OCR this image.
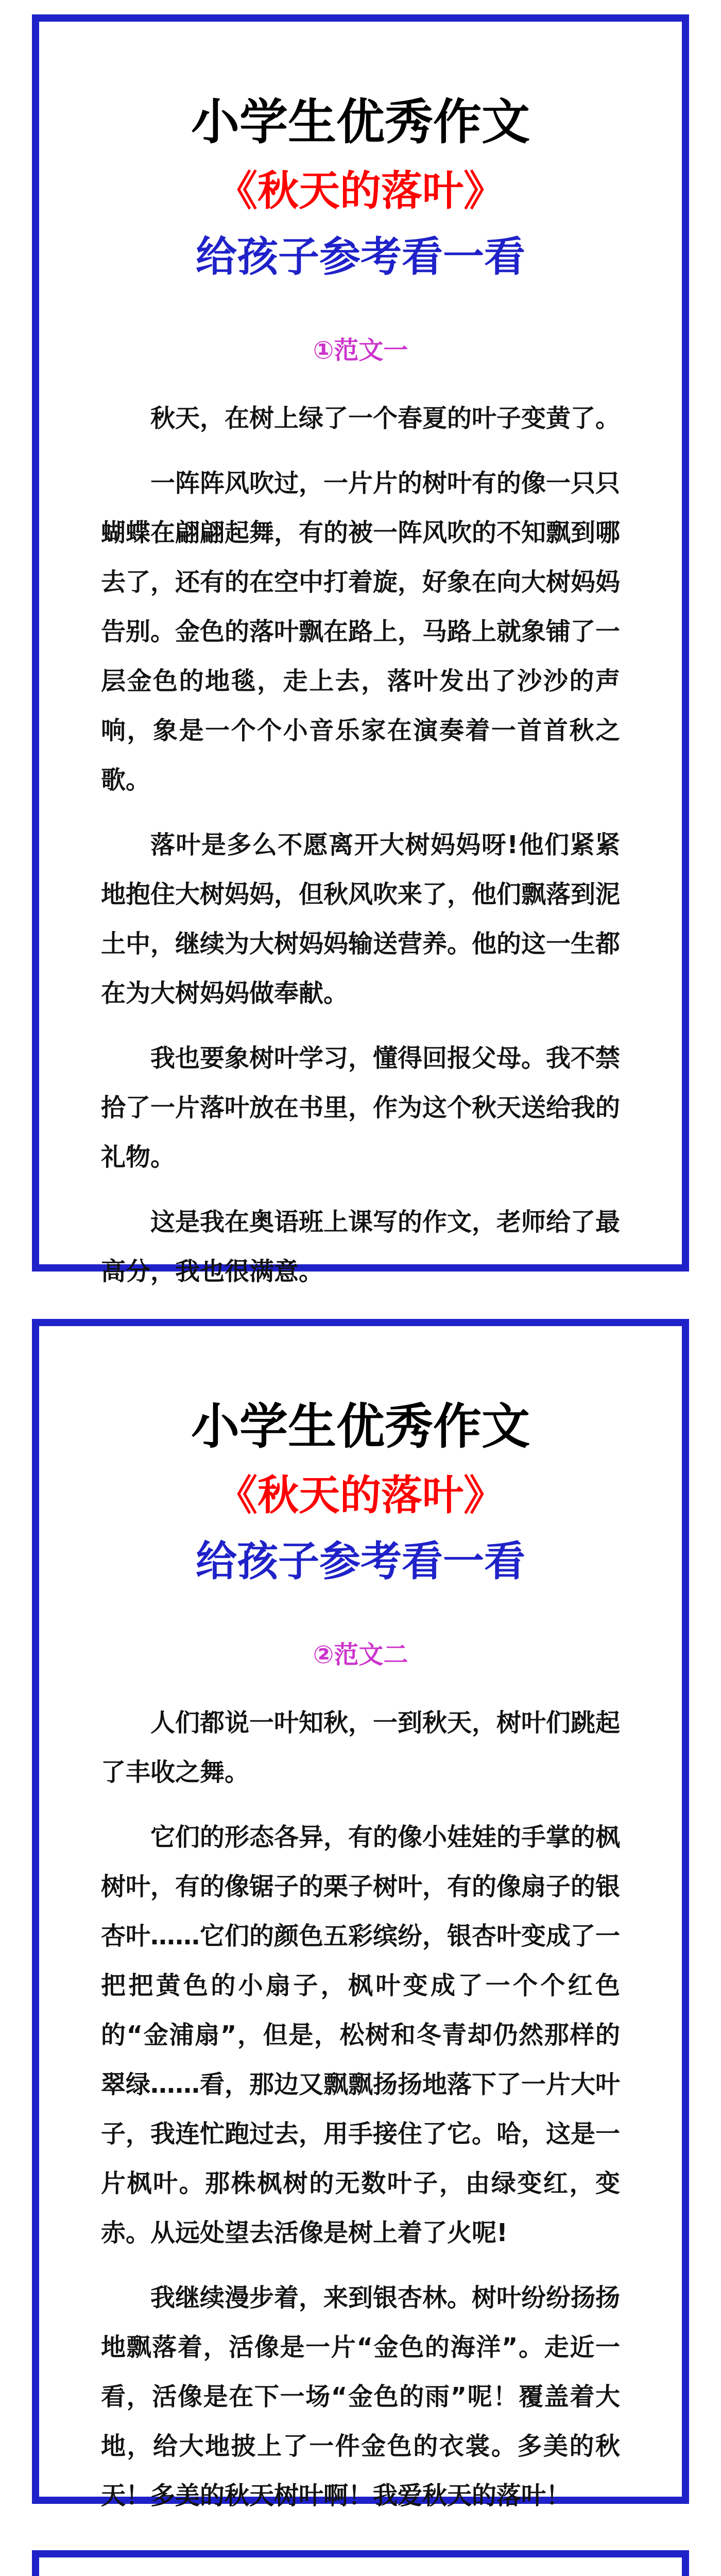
小学生优秀作文
《秋天的落叶》
给孩子参考看一看
①范文一

秋天，在树上绿了一个春夏的叶子变黄了。

一阵阵风吹过，一片片的树叶有的像一只只蝴蝶在翩翩起舞，有的被一阵风吹的不知飘到哪去了，还有的在空中打着旋，好象在向大树妈妈告别。金色的落叶飘在路上，马路上就象铺了一层金色的地毯，走上去，落叶发出了沙沙的声响，象是一个个小音乐家在演奏着一首首秋之歌。

落叶是多么不愿离开大树妈妈呀!他们紧紧地抱住大树妈妈，但秋风吹来了，他们飘落到泥土中，继续为大树妈妈输送营养。他的这一生都在为大树妈妈做奉献。

我也要象树叶学习，懂得回报父母。我不禁拾了一片落叶放在书里，作为这个秋天送给我的礼物。

这是我在奥语班上课写的作文，老师给了最高分，我也很满意。

小学生优秀作文
《秋天的落叶》
给孩子参考看一看
②范文二

人们都说一叶知秋，一到秋天，树叶们跳起了丰收之舞。

它们的形态各异，有的像小娃娃的手掌的枫树叶，有的像锯子的栗子树叶，有的像扇子的银杏叶……它们的颜色五彩缤纷，银杏叶变成了一把把黄色的小扇子，枫叶变成了一个个红色的“金浦扇”，但是，松树和冬青却仍然那样的翠绿……看，那边又飘飘扬扬地落下了一片大叶子，我连忙跑过去，用手接住了它。哈，这是一片枫叶。那株枫树的无数叶子，由绿变红，变赤。从远处望去活像是树上着了火呢!

我继续漫步着，来到银杏林。树叶纷纷扬扬地飘落着，活像是一片“金色的海洋”。走近一看，活像是在下一场“金色的雨”呢！覆盖着大地，给大地披上了一件金色的衣裳。多美的秋天！多美的秋天树叶啊！我爱秋天的落叶！
